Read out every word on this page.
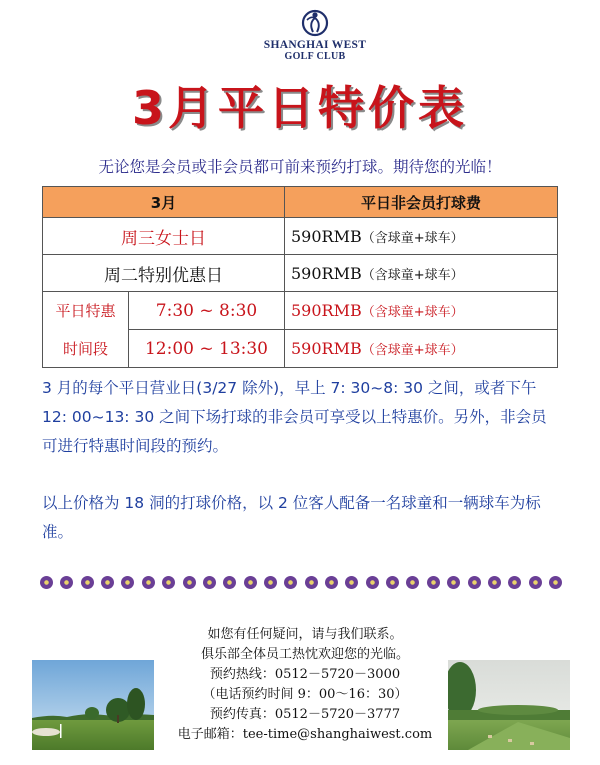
SHANGHAI WEST
GOLF CLUB
3月平日特价表
无论您是会员或非会员都可前来预约打球。期待您的光临！
3月		平日非会员打球费
周三女士日		590RMB（含球童+球车）
周二特别优惠日		590RMB（含球童+球车）
平日特惠	7:30 ~ 8:30	590RMB（含球童+球车）
时间段	12:00 ~ 13:30	590RMB（含球童+球车）
3 月的每个平日营业日(3/27 除外)，早上 7: 30~8: 30 之间，或者下午 12: 00~13: 30 之间下场打球的非会员可享受以上特惠价。另外，非会员可进行特惠时间段的预约。
以上价格为 18 洞的打球价格，以 2 位客人配备一名球童和一辆球车为标准。
如您有任何疑问，请与我们联系。
俱乐部全体员工热忱欢迎您的光临。
预约热线：0512－5720－3000
（电话预约时间 9：00～16：30）
预约传真：0512－5720－3777
电子邮箱：tee-time@shanghaiwest.com
